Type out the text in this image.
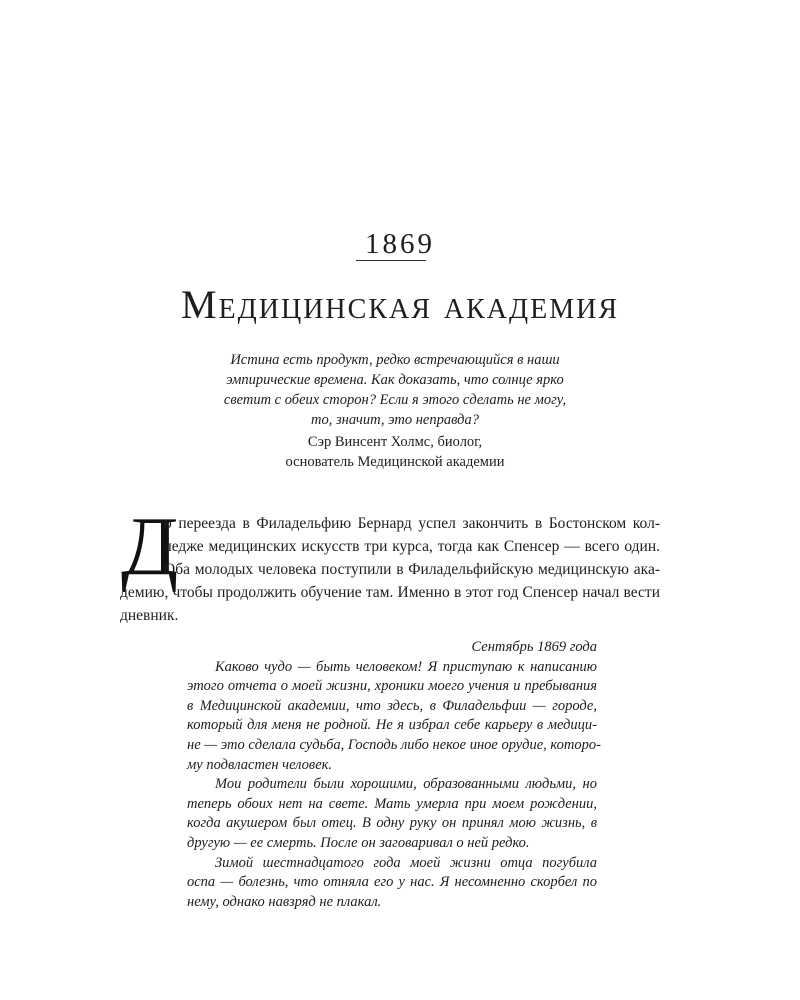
1869
Медицинская академия
Истина есть продукт, редко встречающийся в наши
эмпирические времена. Как доказать, что солнце ярко
светит с обеих сторон? Если я этого сделать не могу,
то, значит, это неправда?
Сэр Винсент Холмс, биолог,
основатель Медицинской академии
Д
о переезда в Филадельфию Бернард успел закончить в Бостонском кол-
ледже медицинских искусств три курса, тогда как Спенсер — всего один.
Оба молодых человека поступили в Филадельфийскую медицинскую ака-
демию, чтобы продолжить обучение там. Именно в этот год Спенсер начал вести
дневник.
Сентябрь 1869 года
Каково чудо — быть человеком! Я приступаю к написанию
этого отчета о моей жизни, хроники моего учения и пребывания
в Медицинской академии, что здесь, в Филадельфии — городе,
который для меня не родной. Не я избрал себе карьеру в медици-
не — это сделала судьба, Господь либо некое иное орудие, которо-
му подвластен человек.
Мои родители были хорошими, образованными людьми, но
теперь обоих нет на свете. Мать умерла при моем рождении,
когда акушером был отец. В одну руку он принял мою жизнь, в
другую — ее смерть. После он заговаривал о ней редко.
Зимой шестнадцатого года моей жизни отца погубила
оспа — болезнь, что отняла его у нас. Я несомненно скорбел по
нему, однако навзряд не плакал.
